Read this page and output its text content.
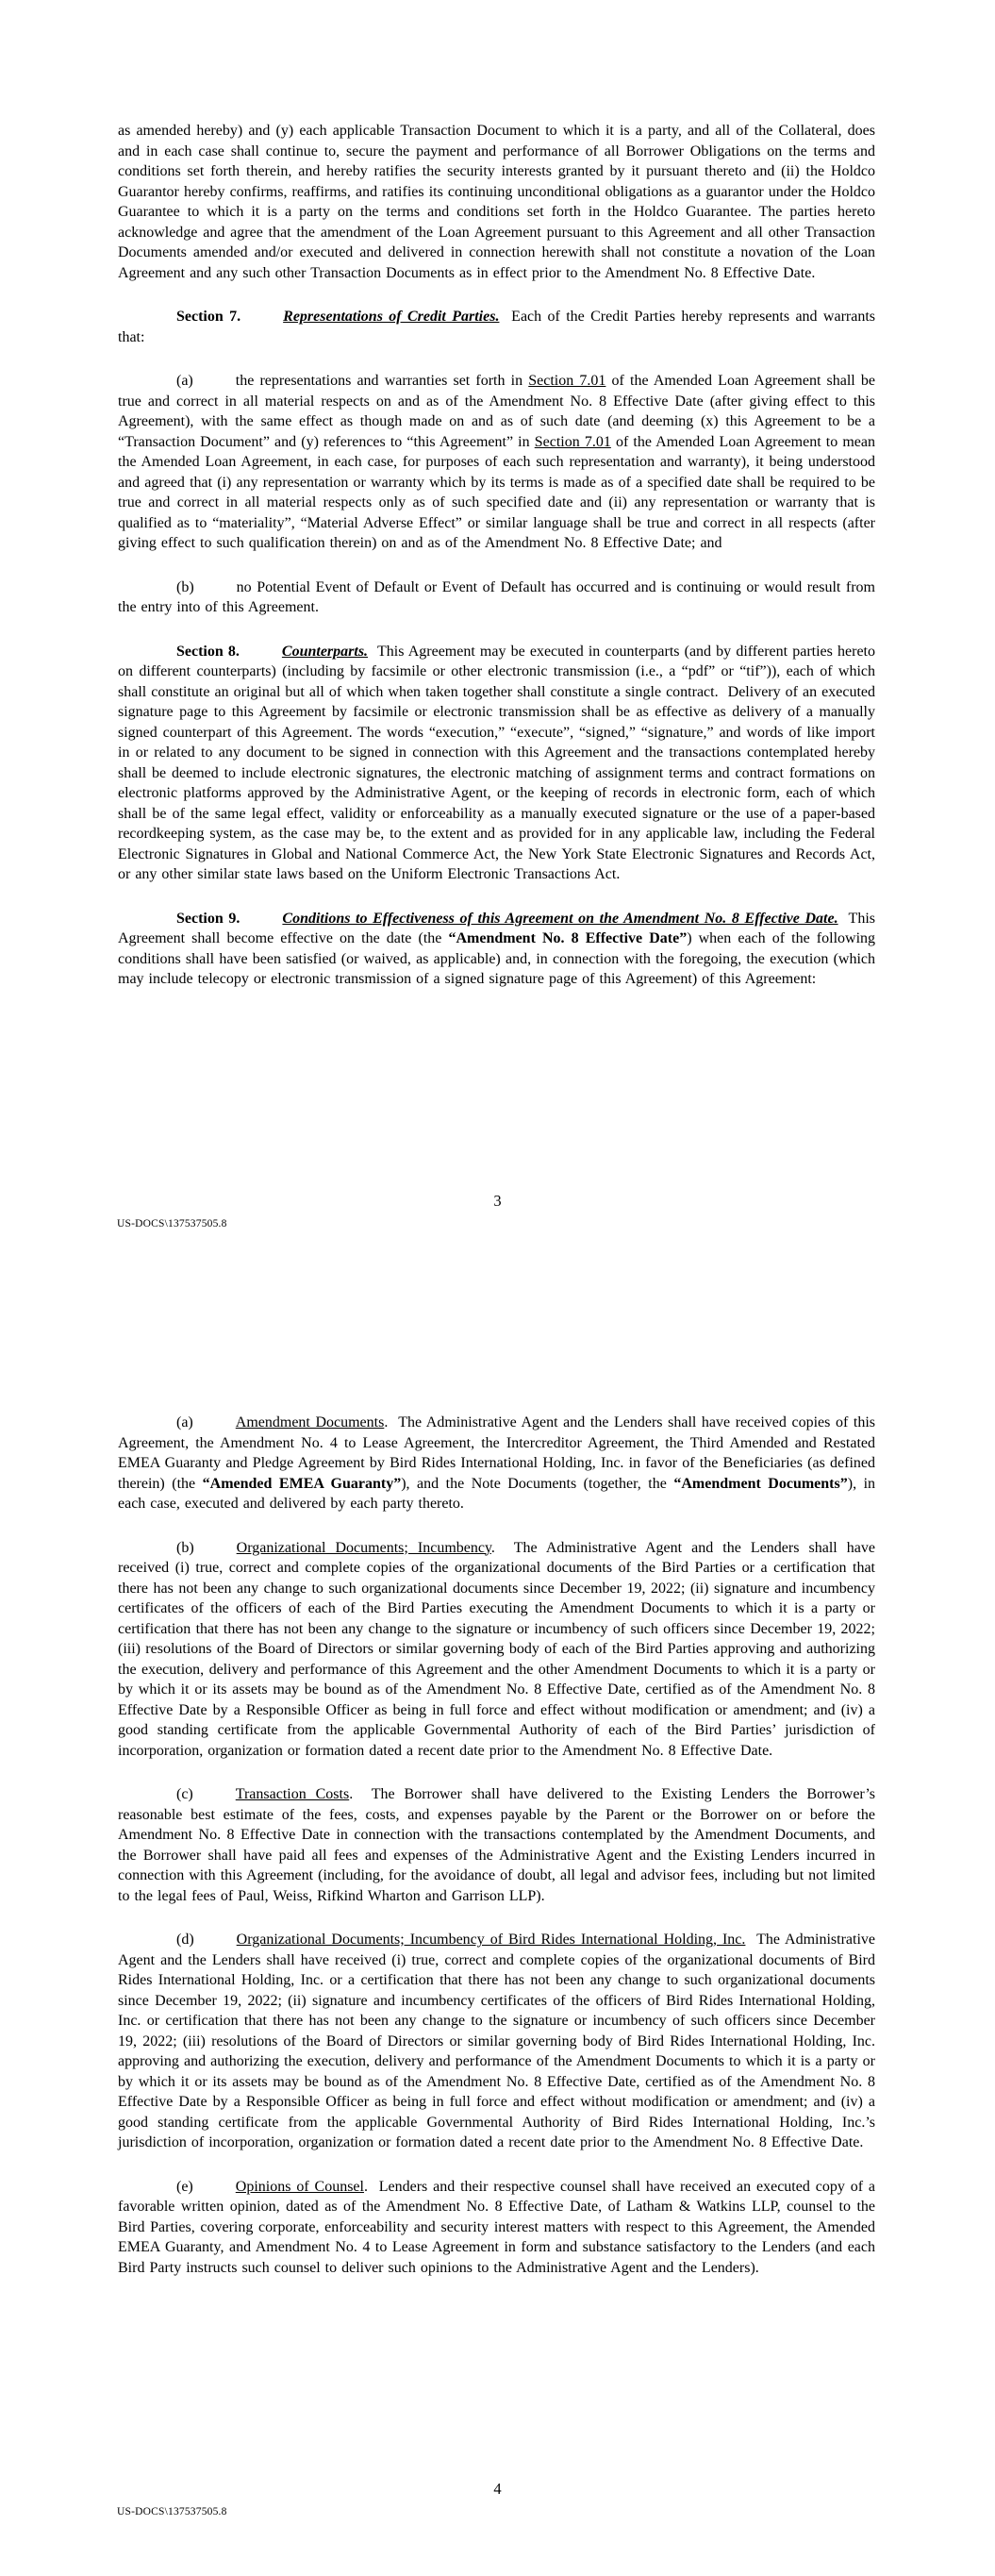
as amended hereby) and (y) each applicable Transaction Document to which it is a party, and all of the Collateral, does and in each case shall continue to, secure the payment and performance of all Borrower Obligations on the terms and conditions set forth therein, and hereby ratifies the security interests granted by it pursuant thereto and (ii) the Holdco Guarantor hereby confirms, reaffirms, and ratifies its continuing unconditional obligations as a guarantor under the Holdco Guarantee to which it is a party on the terms and conditions set forth in the Holdco Guarantee. The parties hereto acknowledge and agree that the amendment of the Loan Agreement pursuant to this Agreement and all other Transaction Documents amended and/or executed and delivered in connection herewith shall not constitute a novation of the Loan Agreement and any such other Transaction Documents as in effect prior to the Amendment No. 8 Effective Date.

Section 7.	Representations of Credit Parties.  Each of the Credit Parties hereby represents and warrants that:

(a)	the representations and warranties set forth in Section 7.01 of the Amended Loan Agreement shall be true and correct in all material respects on and as of the Amendment No. 8 Effective Date (after giving effect to this Agreement), with the same effect as though made on and as of such date (and deeming (x) this Agreement to be a “Transaction Document” and (y) references to “this Agreement” in Section 7.01 of the Amended Loan Agreement to mean the Amended Loan Agreement, in each case, for purposes of each such representation and warranty), it being understood and agreed that (i) any representation or warranty which by its terms is made as of a specified date shall be required to be true and correct in all material respects only as of such specified date and (ii) any representation or warranty that is qualified as to “materiality”, “Material Adverse Effect” or similar language shall be true and correct in all respects (after giving effect to such qualification therein) on and as of the Amendment No. 8 Effective Date; and

(b)	no Potential Event of Default or Event of Default has occurred and is continuing or would result from the entry into of this Agreement.

Section 8.	Counterparts.  This Agreement may be executed in counterparts (and by different parties hereto on different counterparts) (including by facsimile or other electronic transmission (i.e., a “pdf” or “tif”)), each of which shall constitute an original but all of which when taken together shall constitute a single contract.  Delivery of an executed signature page to this Agreement by facsimile or electronic transmission shall be as effective as delivery of a manually signed counterpart of this Agreement. The words “execution,” “execute”, “signed,” “signature,” and words of like import in or related to any document to be signed in connection with this Agreement and the transactions contemplated hereby shall be deemed to include electronic signatures, the electronic matching of assignment terms and contract formations on electronic platforms approved by the Administrative Agent, or the keeping of records in electronic form, each of which shall be of the same legal effect, validity or enforceability as a manually executed signature or the use of a paper-based recordkeeping system, as the case may be, to the extent and as provided for in any applicable law, including the Federal Electronic Signatures in Global and National Commerce Act, the New York State Electronic Signatures and Records Act, or any other similar state laws based on the Uniform Electronic Transactions Act.

Section 9.	Conditions to Effectiveness of this Agreement on the Amendment No. 8 Effective Date.  This Agreement shall become effective on the date (the “Amendment No. 8 Effective Date”) when each of the following conditions shall have been satisfied (or waived, as applicable) and, in connection with the foregoing, the execution (which may include telecopy or electronic transmission of a signed signature page of this Agreement) of this Agreement:

3
US-DOCS\137537505.8

(a)	Amendment Documents.  The Administrative Agent and the Lenders shall have received copies of this Agreement, the Amendment No. 4 to Lease Agreement, the Intercreditor Agreement, the Third Amended and Restated EMEA Guaranty and Pledge Agreement by Bird Rides International Holding, Inc. in favor of the Beneficiaries (as defined therein) (the “Amended EMEA Guaranty”), and the Note Documents (together, the “Amendment Documents”), in each case, executed and delivered by each party thereto.

(b)	Organizational Documents; Incumbency.  The Administrative Agent and the Lenders shall have received (i) true, correct and complete copies of the organizational documents of the Bird Parties or a certification that there has not been any change to such organizational documents since December 19, 2022; (ii) signature and incumbency certificates of the officers of each of the Bird Parties executing the Amendment Documents to which it is a party or certification that there has not been any change to the signature or incumbency of such officers since December 19, 2022; (iii) resolutions of the Board of Directors or similar governing body of each of the Bird Parties approving and authorizing the execution, delivery and performance of this Agreement and the other Amendment Documents to which it is a party or by which it or its assets may be bound as of the Amendment No. 8 Effective Date, certified as of the Amendment No. 8 Effective Date by a Responsible Officer as being in full force and effect without modification or amendment; and (iv) a good standing certificate from the applicable Governmental Authority of each of the Bird Parties’ jurisdiction of incorporation, organization or formation dated a recent date prior to the Amendment No. 8 Effective Date.

(c)	Transaction Costs.  The Borrower shall have delivered to the Existing Lenders the Borrower’s reasonable best estimate of the fees, costs, and expenses payable by the Parent or the Borrower on or before the Amendment No. 8 Effective Date in connection with the transactions contemplated by the Amendment Documents, and the Borrower shall have paid all fees and expenses of the Administrative Agent and the Existing Lenders incurred in connection with this Agreement (including, for the avoidance of doubt, all legal and advisor fees, including but not limited to the legal fees of Paul, Weiss, Rifkind Wharton and Garrison LLP).

(d)	Organizational Documents; Incumbency of Bird Rides International Holding, Inc.  The Administrative Agent and the Lenders shall have received (i) true, correct and complete copies of the organizational documents of Bird Rides International Holding, Inc. or a certification that there has not been any change to such organizational documents since December 19, 2022; (ii) signature and incumbency certificates of the officers of Bird Rides International Holding, Inc. or certification that there has not been any change to the signature or incumbency of such officers since December 19, 2022; (iii) resolutions of the Board of Directors or similar governing body of Bird Rides International Holding, Inc. approving and authorizing the execution, delivery and performance of the Amendment Documents to which it is a party or by which it or its assets may be bound as of the Amendment No. 8 Effective Date, certified as of the Amendment No. 8 Effective Date by a Responsible Officer as being in full force and effect without modification or amendment; and (iv) a good standing certificate from the applicable Governmental Authority of Bird Rides International Holding, Inc.’s jurisdiction of incorporation, organization or formation dated a recent date prior to the Amendment No. 8 Effective Date.

(e)	Opinions of Counsel.  Lenders and their respective counsel shall have received an executed copy of a favorable written opinion, dated as of the Amendment No. 8 Effective Date, of Latham & Watkins LLP, counsel to the Bird Parties, covering corporate, enforceability and security interest matters with respect to this Agreement, the Amended EMEA Guaranty, and Amendment No. 4 to Lease Agreement in form and substance satisfactory to the Lenders (and each Bird Party instructs such counsel to deliver such opinions to the Administrative Agent and the Lenders).

4
US-DOCS\137537505.8
